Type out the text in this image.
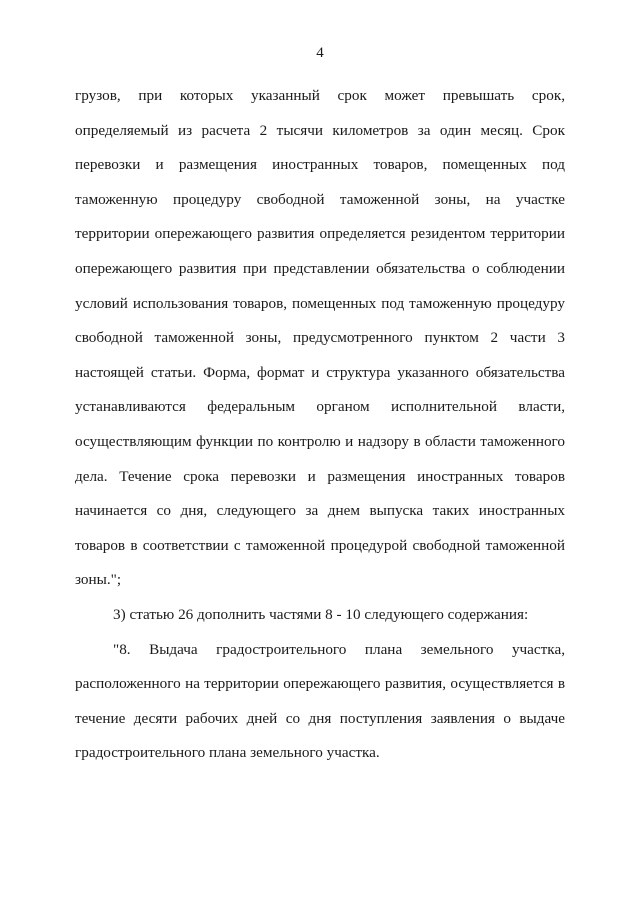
4

грузов, при которых указанный срок может превышать срок, определяемый из расчета 2 тысячи километров за один месяц. Срок перевозки и размещения иностранных товаров, помещенных под таможенную процедуру свободной таможенной зоны, на участке территории опережающего развития определяется резидентом территории опережающего развития при представлении обязательства о соблюдении условий использования товаров, помещенных под таможенную процедуру свободной таможенной зоны, предусмотренного пунктом 2 части 3 настоящей статьи. Форма, формат и структура указанного обязательства устанавливаются федеральным органом исполнительной власти, осуществляющим функции по контролю и надзору в области таможенного дела. Течение срока перевозки и размещения иностранных товаров начинается со дня, следующего за днем выпуска таких иностранных товаров в соответствии с таможенной процедурой свободной таможенной зоны.";

3) статью 26 дополнить частями 8 - 10 следующего содержания:

"8. Выдача градостроительного плана земельного участка, расположенного на территории опережающего развития, осуществляется в течение десяти рабочих дней со дня поступления заявления о выдаче градостроительного плана земельного участка.
